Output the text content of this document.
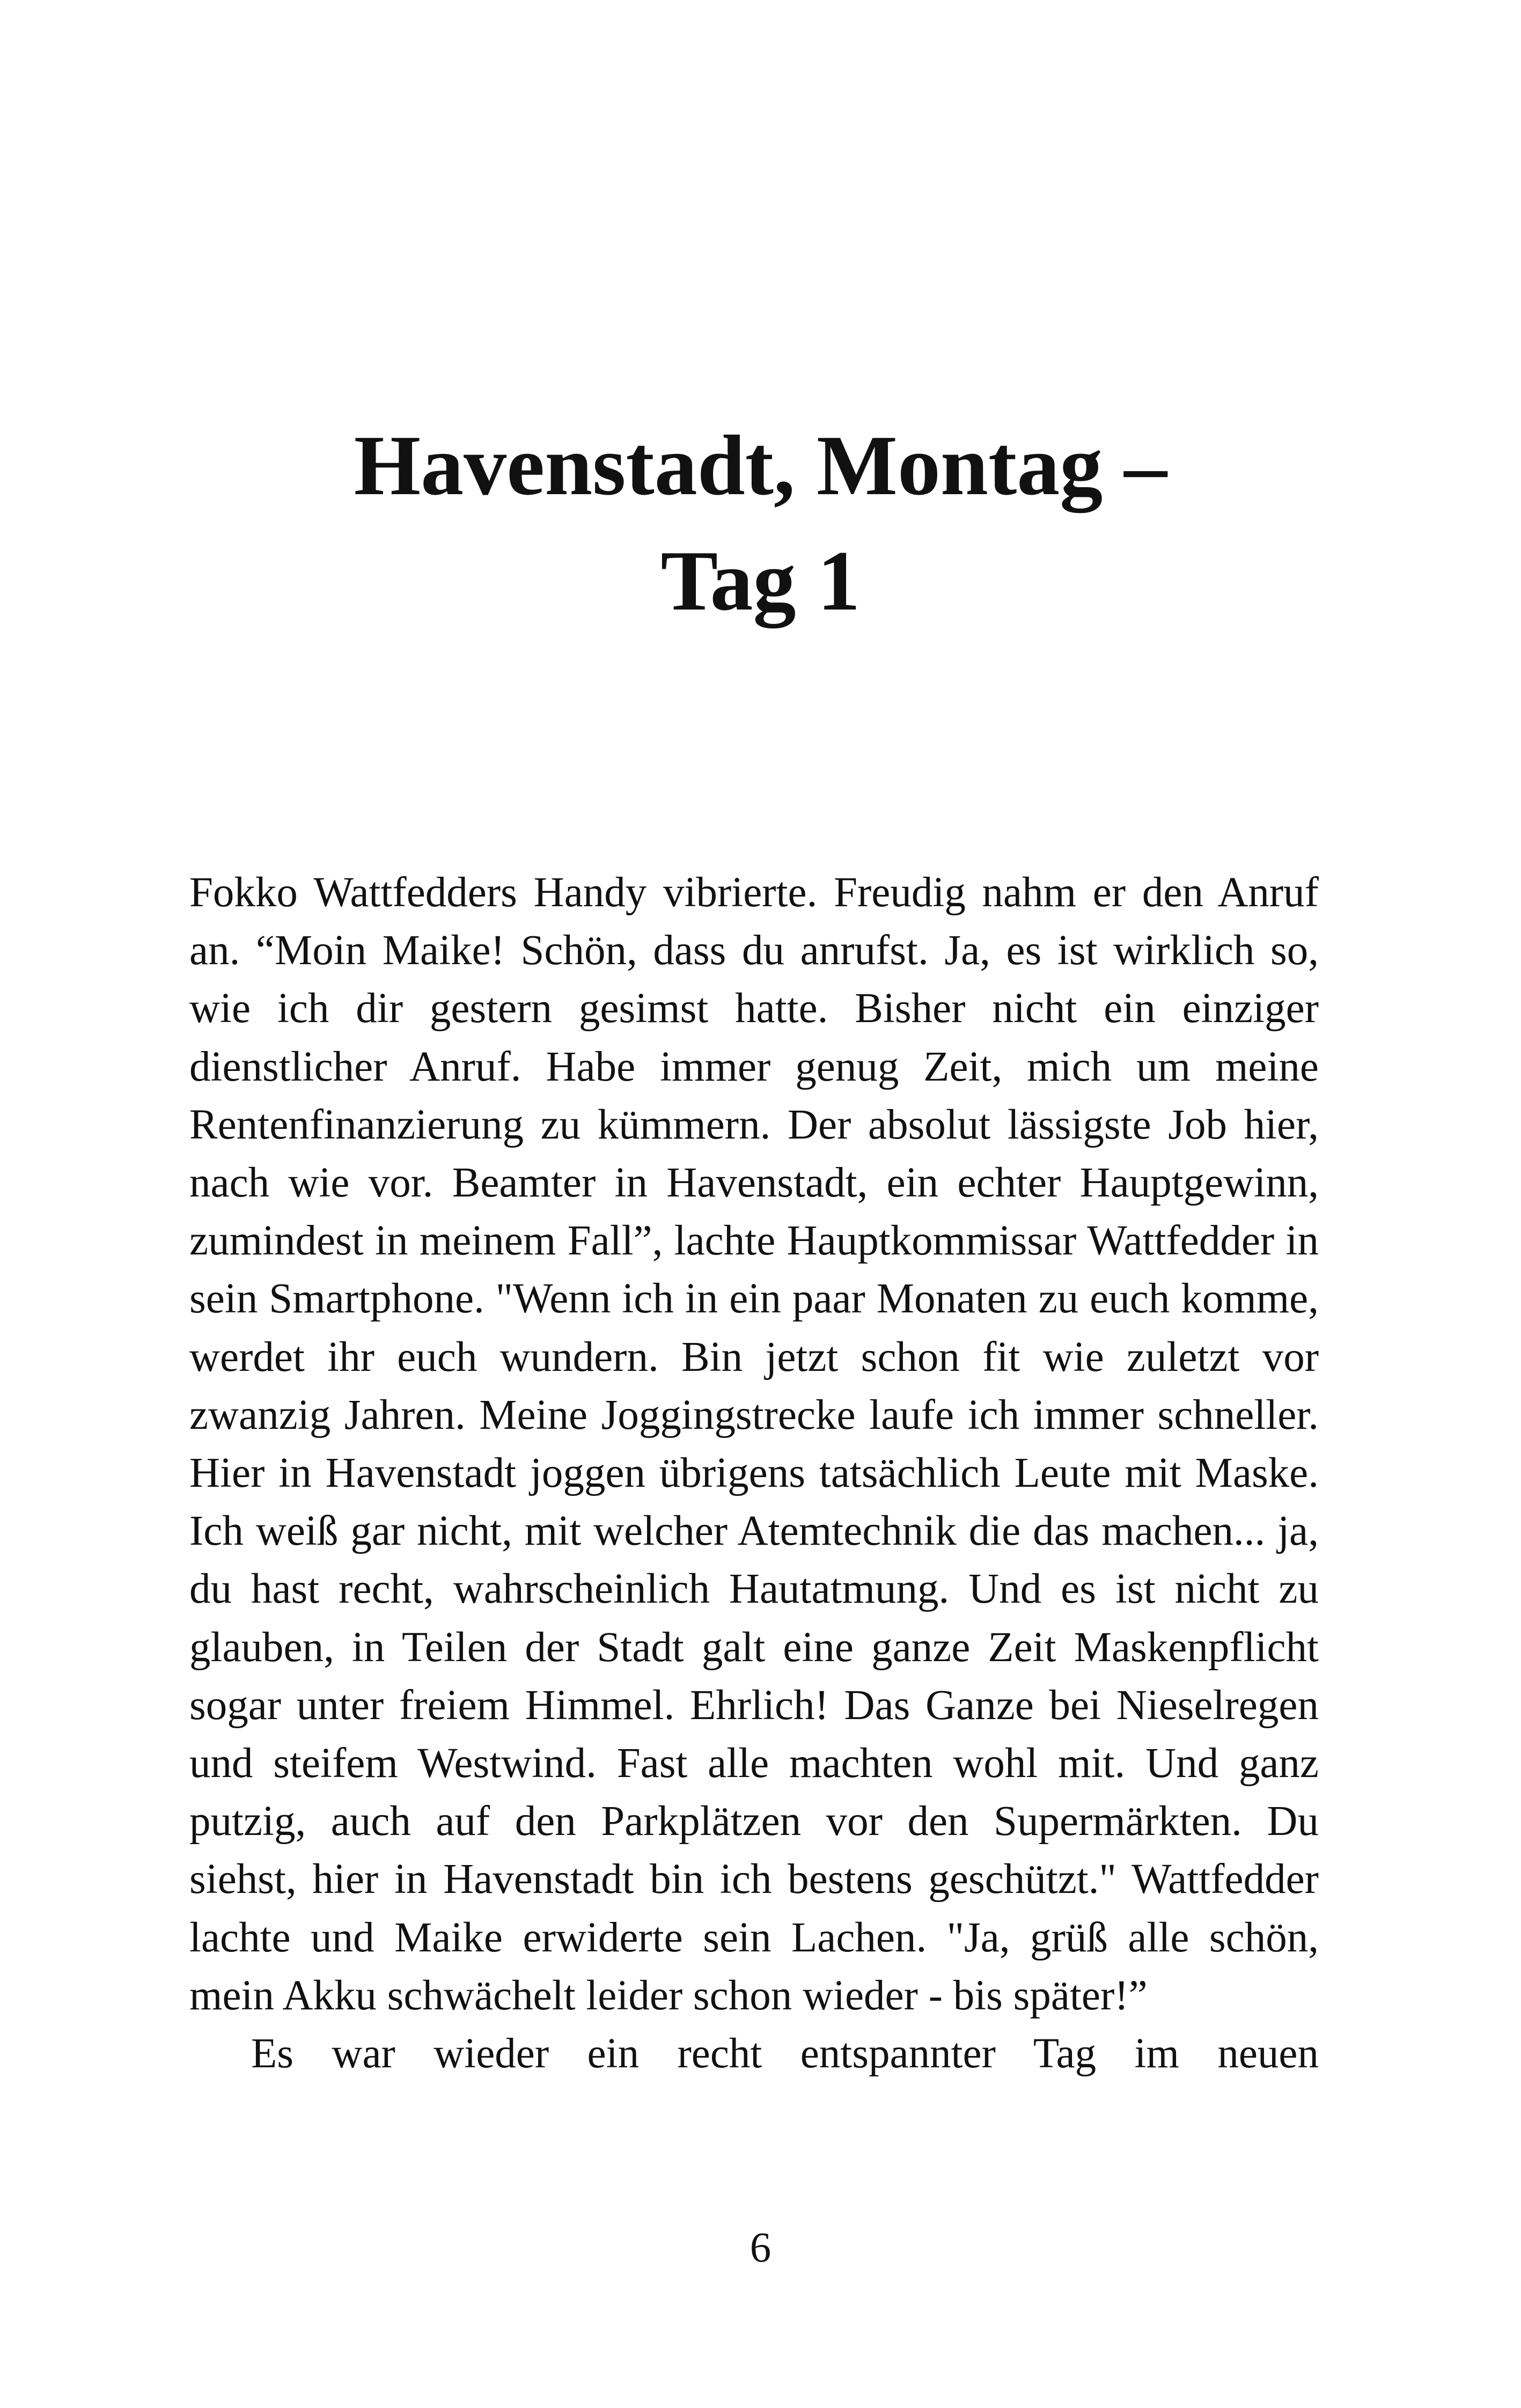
Havenstadt, Montag –
Tag 1

Fokko Wattfedders Handy vibrierte. Freudig nahm er den Anruf an. “Moin Maike! Schön, dass du anrufst. Ja, es ist wirklich so, wie ich dir gestern gesimst hatte. Bisher nicht ein einziger dienstlicher Anruf. Habe immer genug Zeit, mich um meine Rentenfinanzierung zu kümmern. Der absolut lässigste Job hier, nach wie vor. Beamter in Havenstadt, ein echter Hauptgewinn, zumindest in meinem Fall”, lachte Hauptkommissar Wattfedder in sein Smartphone. "Wenn ich in ein paar Monaten zu euch komme, werdet ihr euch wundern. Bin jetzt schon fit wie zuletzt vor zwanzig Jahren. Meine Joggingstrecke laufe ich immer schneller. Hier in Havenstadt joggen übrigens tatsächlich Leute mit Maske. Ich weiß gar nicht, mit welcher Atemtechnik die das machen... ja, du hast recht, wahrscheinlich Hautatmung. Und es ist nicht zu glauben, in Teilen der Stadt galt eine ganze Zeit Maskenpflicht sogar unter freiem Himmel. Ehrlich! Das Ganze bei Nieselregen und steifem Westwind. Fast alle machten wohl mit. Und ganz putzig, auch auf den Parkplätzen vor den Supermärkten. Du siehst, hier in Havenstadt bin ich bestens geschützt." Wattfedder lachte und Maike erwiderte sein Lachen. "Ja, grüß alle schön, mein Akku schwächelt leider schon wieder - bis später!”

Es war wieder ein recht entspannter Tag im neuen

6
